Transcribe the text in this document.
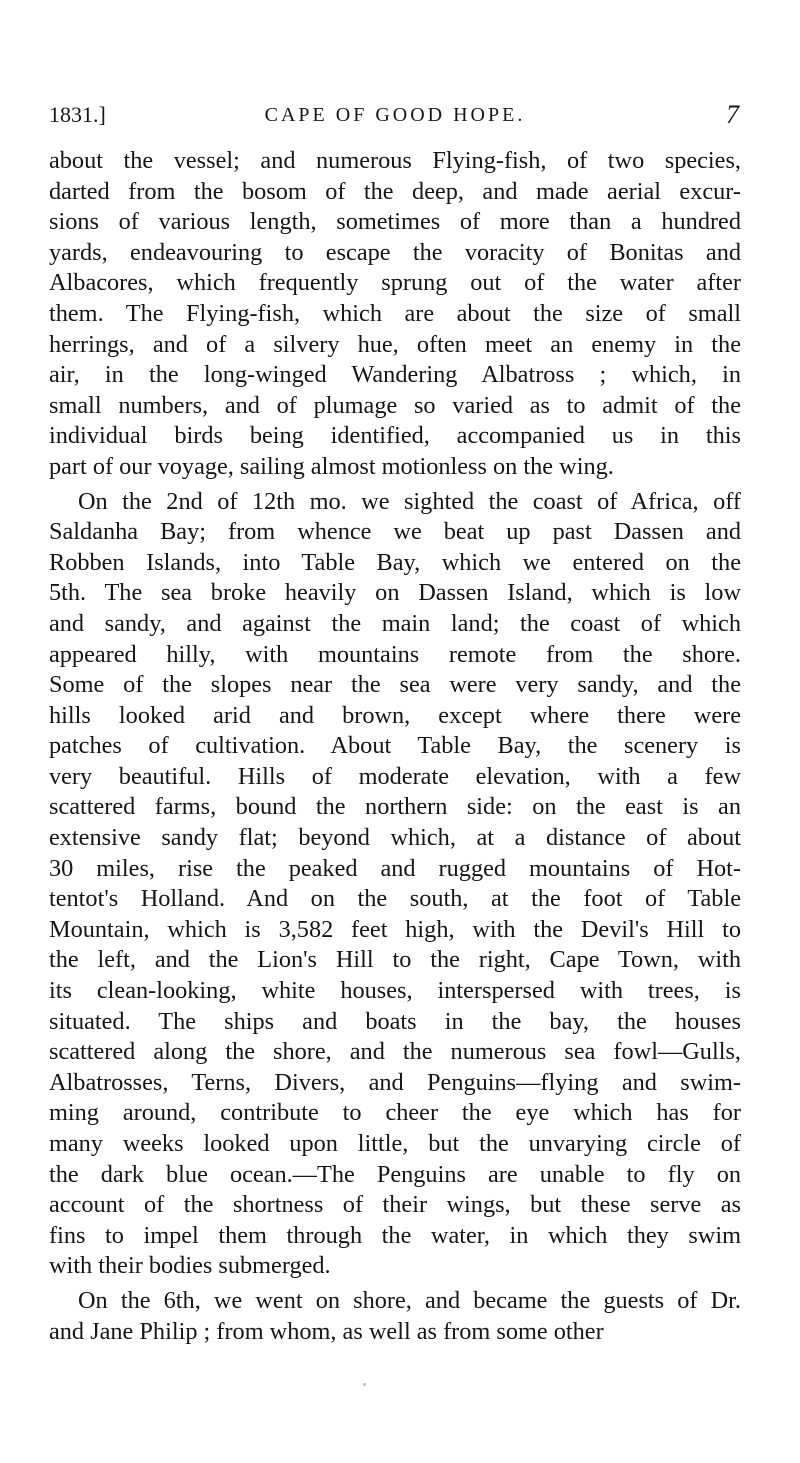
1831.]	CAPE OF GOOD HOPE.	7

about the vessel; and numerous Flying-fish, of two species,
darted from the bosom of the deep, and made aerial excur-
sions of various length, sometimes of more than a hundred
yards, endeavouring to escape the voracity of Bonitas and
Albacores, which frequently sprung out of the water after
them. The Flying-fish, which are about the size of small
herrings, and of a silvery hue, often meet an enemy in the
air, in the long-winged Wandering Albatross ; which, in
small numbers, and of plumage so varied as to admit of the
individual birds being identified, accompanied us in this
part of our voyage, sailing almost motionless on the wing.

On the 2nd of 12th mo. we sighted the coast of Africa, off
Saldanha Bay; from whence we beat up past Dassen and
Robben Islands, into Table Bay, which we entered on the
5th. The sea broke heavily on Dassen Island, which is low
and sandy, and against the main land; the coast of which
appeared hilly, with mountains remote from the shore.
Some of the slopes near the sea were very sandy, and the
hills looked arid and brown, except where there were
patches of cultivation. About Table Bay, the scenery is
very beautiful. Hills of moderate elevation, with a few
scattered farms, bound the northern side: on the east is an
extensive sandy flat; beyond which, at a distance of about
30 miles, rise the peaked and rugged mountains of Hot-
tentot's Holland. And on the south, at the foot of Table
Mountain, which is 3,582 feet high, with the Devil's Hill to
the left, and the Lion's Hill to the right, Cape Town, with
its clean-looking, white houses, interspersed with trees, is
situated. The ships and boats in the bay, the houses
scattered along the shore, and the numerous sea fowl—Gulls,
Albatrosses, Terns, Divers, and Penguins—flying and swim-
ming around, contribute to cheer the eye which has for
many weeks looked upon little, but the unvarying circle of
the dark blue ocean.—The Penguins are unable to fly on
account of the shortness of their wings, but these serve as
fins to impel them through the water, in which they swim
with their bodies submerged.

On the 6th, we went on shore, and became the guests of Dr.
and Jane Philip ; from whom, as well as from some other
